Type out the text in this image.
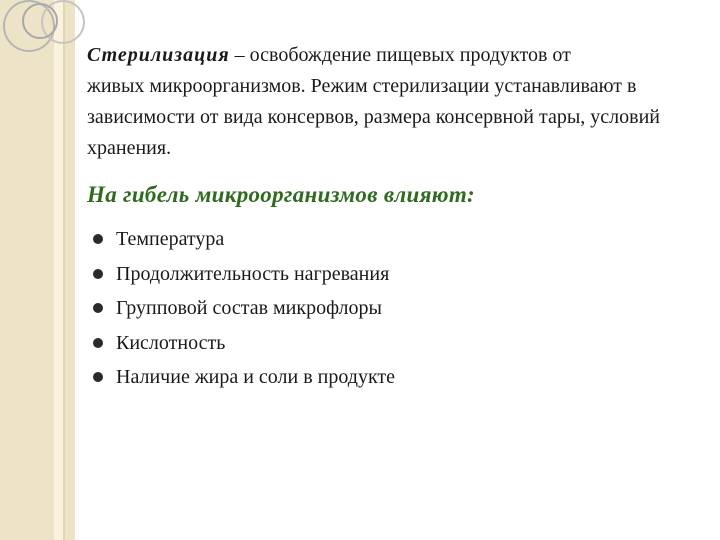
Стерилизация – освобождение пищевых продуктов от
живых микроорганизмов. Режим стерилизации устанавливают в зависимости от вида консервов, размера консервной тары, условий хранения.

На гибель микроорганизмов влияют:
Температура
Продолжительность нагревания
Групповой состав микрофлоры
Кислотность
Наличие жира и соли в продукте
